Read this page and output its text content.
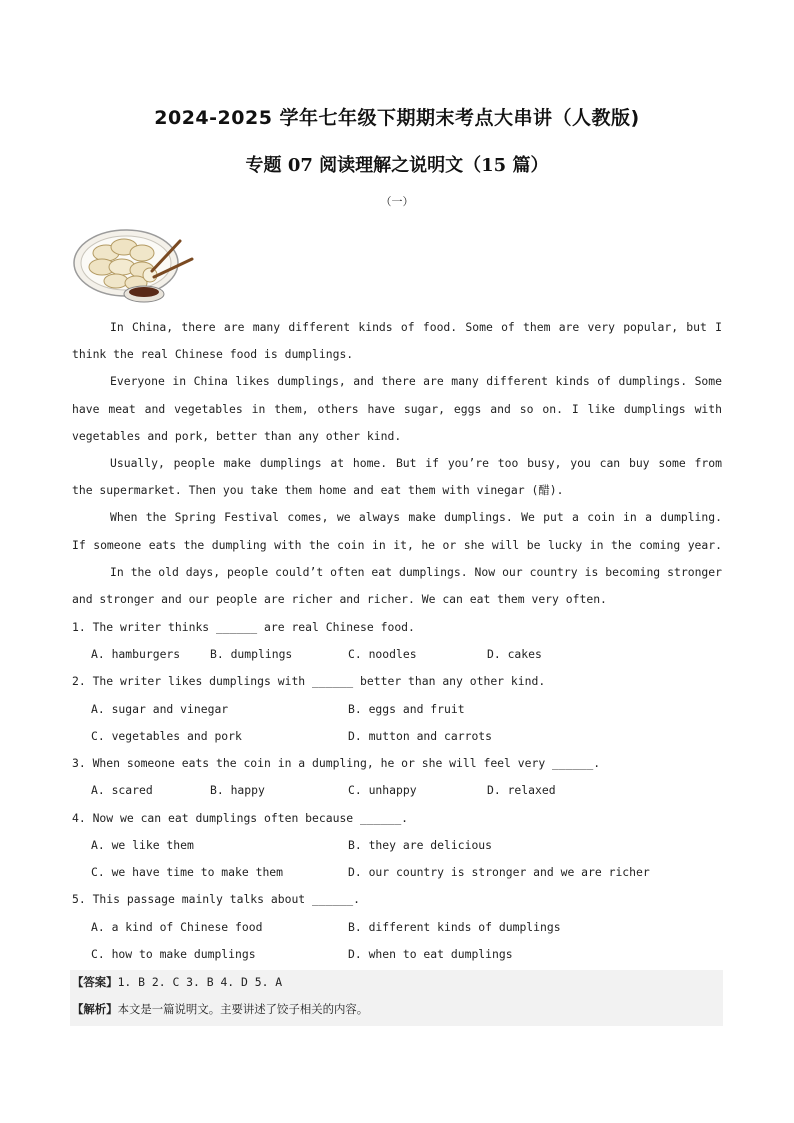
2024-2025 学年七年级下期期末考点大串讲（人教版)
专题 07 阅读理解之说明文（15 篇）
（一）

In China, there are many different kinds of food. Some of them are very popular, but I

think the real Chinese food is dumplings.

Everyone in China likes dumplings, and there are many different kinds of dumplings. Some

have meat and vegetables in them, others have sugar, eggs and so on. I like dumplings with

vegetables and pork, better than any other kind.

Usually, people make dumplings at home. But if you’re too busy, you can buy some from

the supermarket. Then you take them home and eat them with vinegar (醋).

When the Spring Festival comes, we always make dumplings. We put a coin in a dumpling.

If someone eats the dumpling with the coin in it, he or she will be lucky in the coming year.

In the old days, people could’t often eat dumplings. Now our country is becoming stronger

and stronger and our people are richer and richer. We can eat them very often.

1. The writer thinks ______ are real Chinese food.
A. hamburgers	B. dumplings	C. noodles	D. cakes
2. The writer likes dumplings with ______ better than any other kind.
A. sugar and vinegar	B. eggs and fruit
C. vegetables and pork	D. mutton and carrots
3. When someone eats the coin in a dumpling, he or she will feel very ______.
A. scared	B. happy	C. unhappy	D. relaxed
4. Now we can eat dumplings often because ______.
A. we like them	B. they are delicious
C. we have time to make them	D. our country is stronger and we are richer
5. This passage mainly talks about ______.
A. a kind of Chinese food	B. different kinds of dumplings
C. how to make dumplings	D. when to eat dumplings
【答案】1. B 2. C 3. B 4. D 5. A
【解析】本文是一篇说明文。主要讲述了饺子相关的内容。
